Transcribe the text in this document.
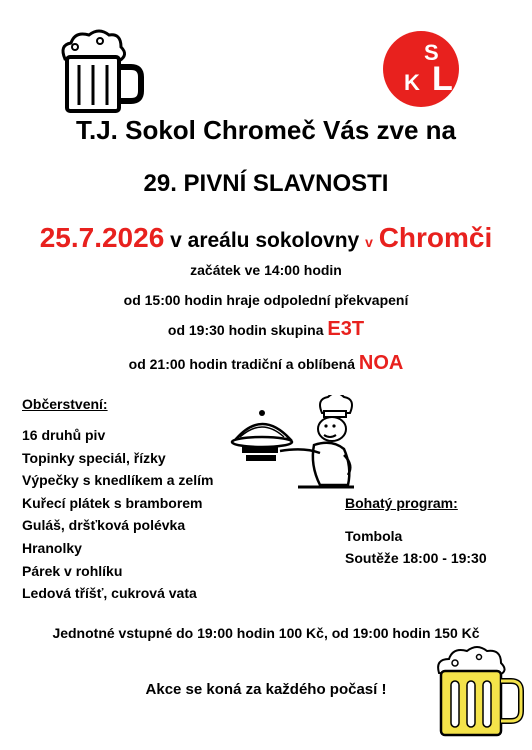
S
L
K
T.J. Sokol Chromeč Vás zve na
29. PIVNÍ SLAVNOSTI
25.7.2026 v areálu sokolovny v Chromči
začátek ve 14:00 hodin
od 15:00 hodin hraje odpolední překvapení
od 19:30 hodin skupina E3T
od 21:00 hodin tradiční a oblíbená NOA
Občerstvení:
16 druhů piv
Topinky speciál, řízky
Výpečky s knedlíkem a zelím
Kuřecí plátek s bramborem
Guláš, dršťková polévka
Hranolky
Párek v rohlíku
Ledová tříšť, cukrová vata
Bohatý program:
Tombola
Soutěže 18:00 - 19:30
Jednotné vstupné do 19:00 hodin 100 Kč, od 19:00 hodin 150 Kč
Akce se koná za každého počasí !
